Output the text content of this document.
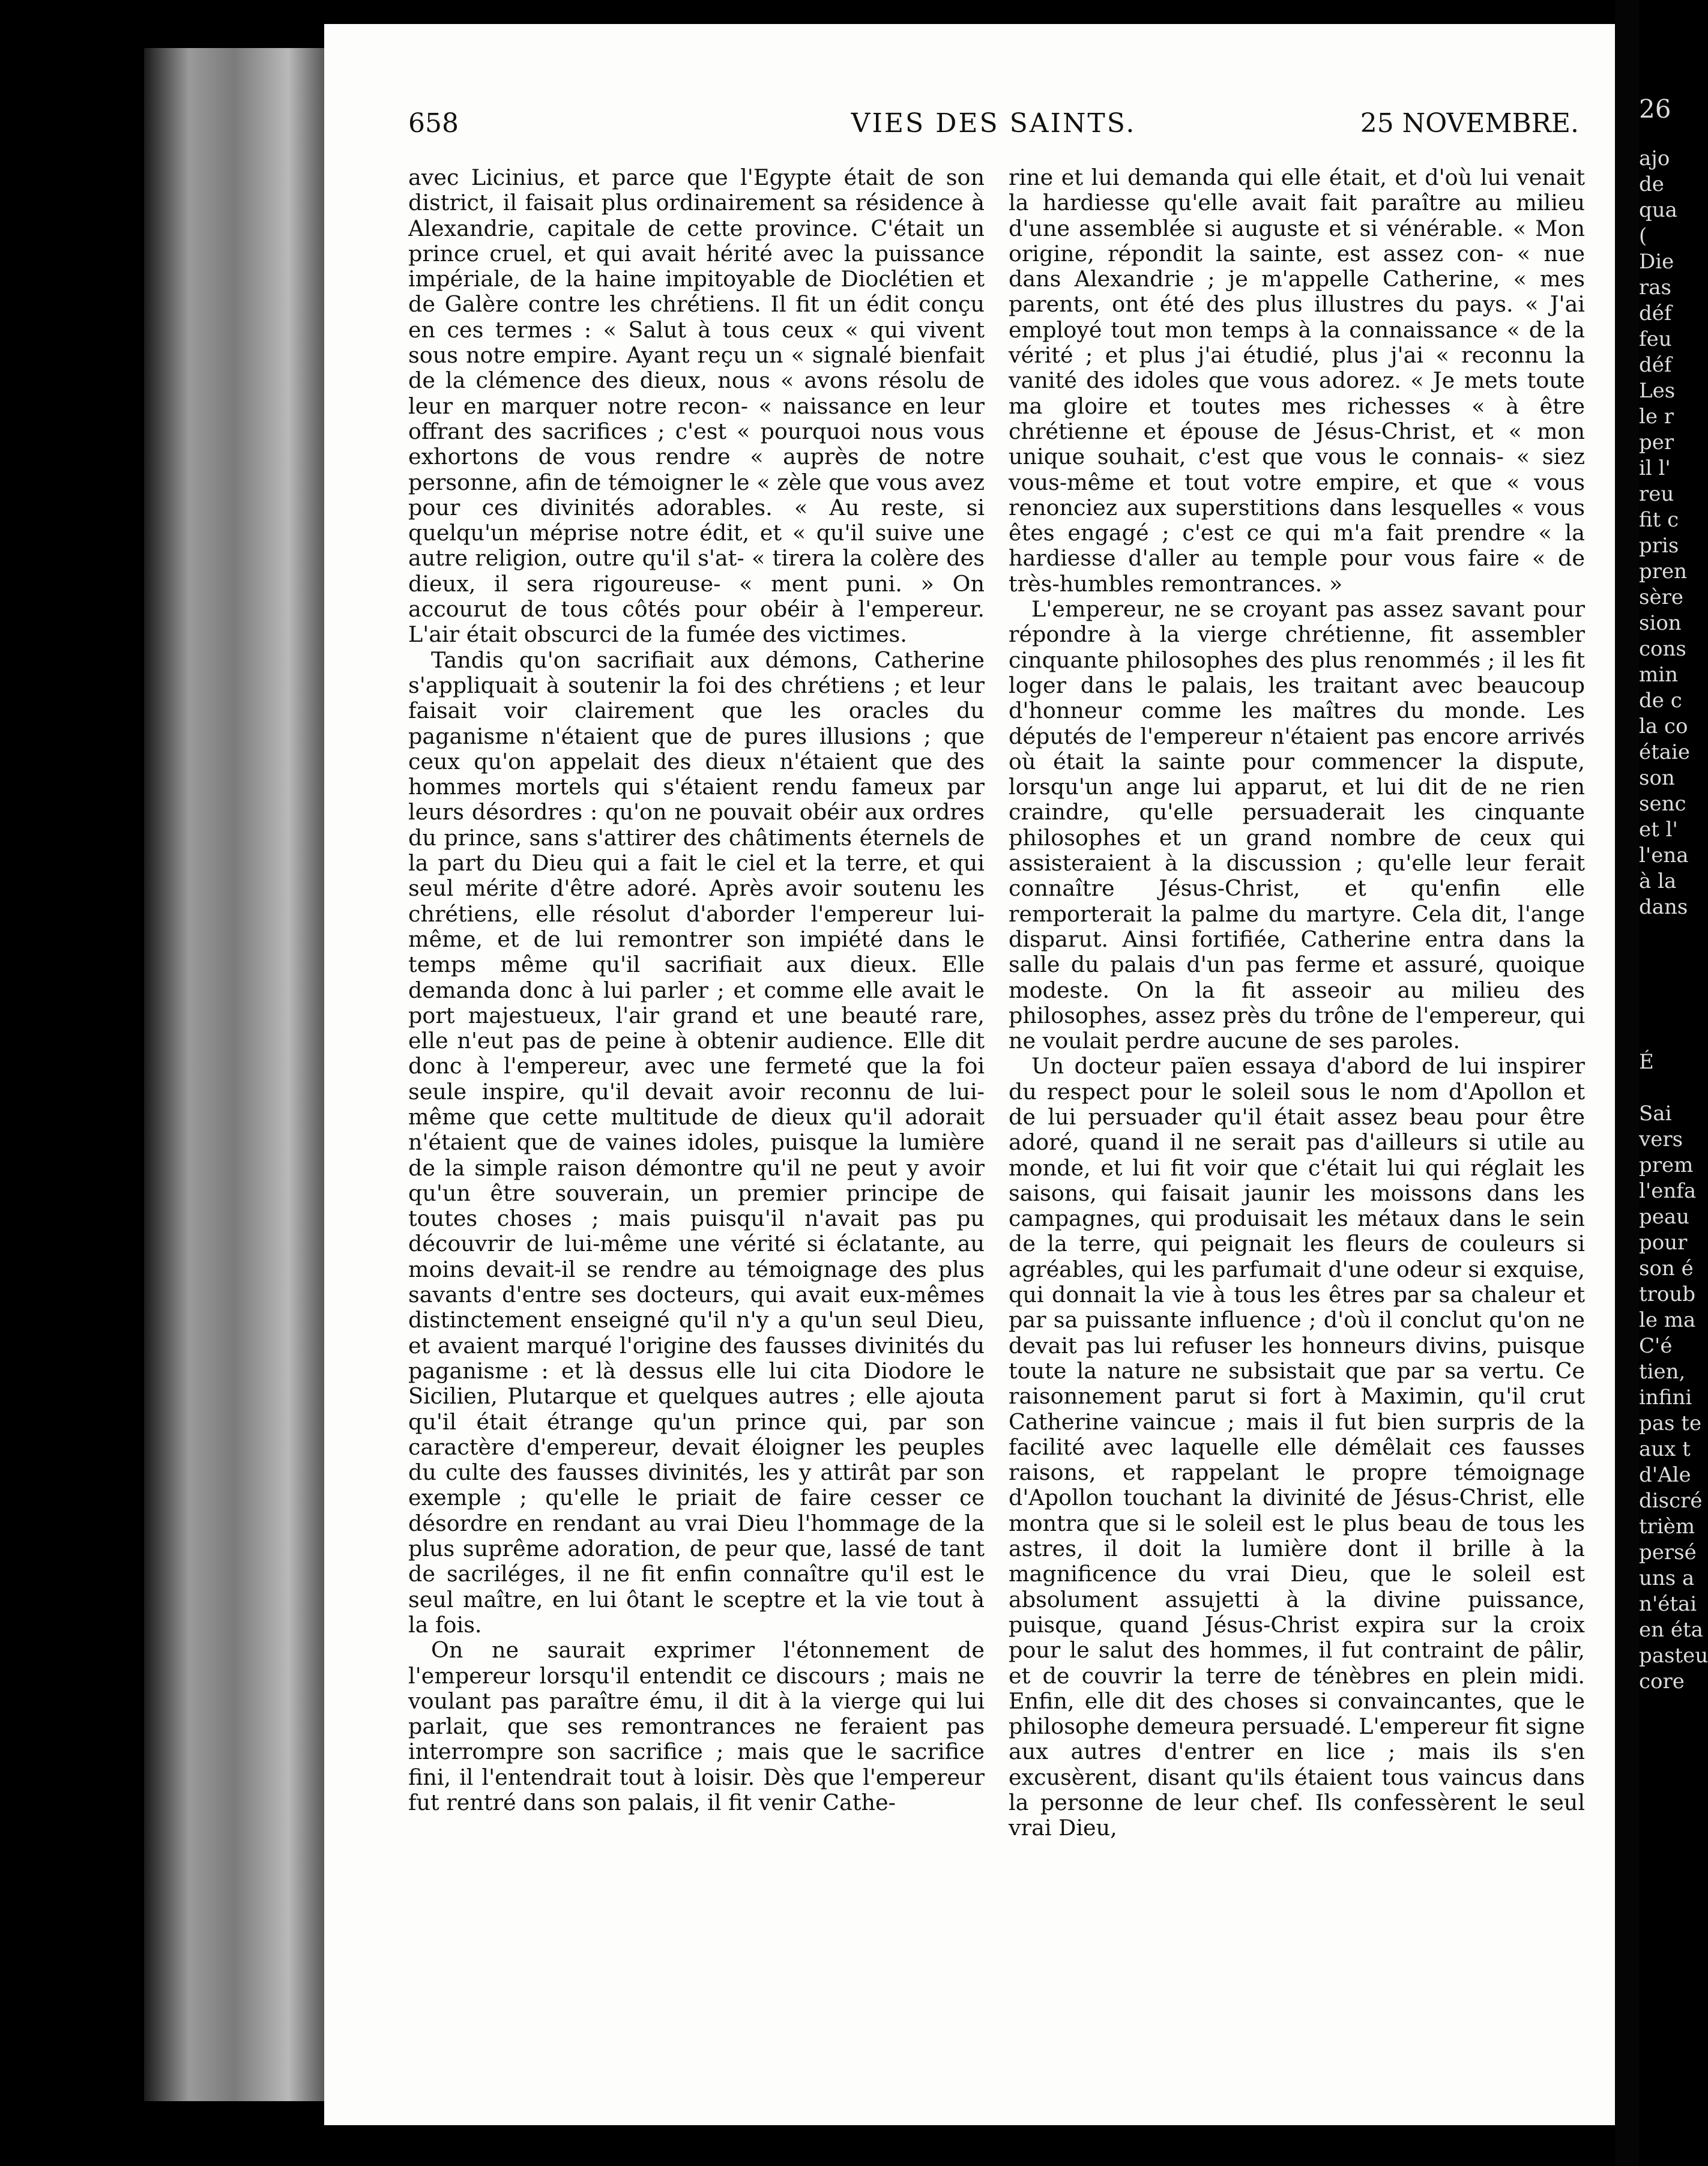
658	VIES DES SAINTS.	25 NOVEMBRE.

avec Licinius, et parce que l'Egypte était de son district, il faisait plus ordinairement sa résidence à Alexandrie, capitale de cette province. C'était un prince cruel, et qui avait hérité avec la puissance impériale, de la haine impitoyable de Dioclétien et de Galère contre les chrétiens. Il fit un édit conçu en ces termes : « Salut à tous ceux « qui vivent sous notre empire. Ayant reçu un « signalé bienfait de la clémence des dieux, nous « avons résolu de leur en marquer notre recon- « naissance en leur offrant des sacrifices ; c'est « pourquoi nous vous exhortons de vous rendre « auprès de notre personne, afin de témoigner le « zèle que vous avez pour ces divinités adorables. « Au reste, si quelqu'un méprise notre édit, et « qu'il suive une autre religion, outre qu'il s'at- « tirera la colère des dieux, il sera rigoureuse- « ment puni. » On accourut de tous côtés pour obéir à l'empereur. L'air était obscurci de la fumée des victimes.

Tandis qu'on sacrifiait aux démons, Catherine s'appliquait à soutenir la foi des chrétiens ; et leur faisait voir clairement que les oracles du paganisme n'étaient que de pures illusions ; que ceux qu'on appelait des dieux n'étaient que des hommes mortels qui s'étaient rendu fameux par leurs désordres : qu'on ne pouvait obéir aux ordres du prince, sans s'attirer des châtiments éternels de la part du Dieu qui a fait le ciel et la terre, et qui seul mérite d'être adoré. Après avoir soutenu les chrétiens, elle résolut d'aborder l'empereur lui-même, et de lui remontrer son impiété dans le temps même qu'il sacrifiait aux dieux. Elle demanda donc à lui parler ; et comme elle avait le port majestueux, l'air grand et une beauté rare, elle n'eut pas de peine à obtenir audience. Elle dit donc à l'empereur, avec une fermeté que la foi seule inspire, qu'il devait avoir reconnu de lui-même que cette multitude de dieux qu'il adorait n'étaient que de vaines idoles, puisque la lumière de la simple raison démontre qu'il ne peut y avoir qu'un être souverain, un premier principe de toutes choses ; mais puisqu'il n'avait pas pu découvrir de lui-même une vérité si éclatante, au moins devait-il se rendre au témoignage des plus savants d'entre ses docteurs, qui avait eux-mêmes distinctement enseigné qu'il n'y a qu'un seul Dieu, et avaient marqué l'origine des fausses divinités du paganisme : et là dessus elle lui cita Diodore le Sicilien, Plutarque et quelques autres ; elle ajouta qu'il était étrange qu'un prince qui, par son caractère d'empereur, devait éloigner les peuples du culte des fausses divinités, les y attirât par son exemple ; qu'elle le priait de faire cesser ce désordre en rendant au vrai Dieu l'hommage de la plus suprême adoration, de peur que, lassé de tant de sacriléges, il ne fit enfin connaître qu'il est le seul maître, en lui ôtant le sceptre et la vie tout à la fois.

On ne saurait exprimer l'étonnement de l'empereur lorsqu'il entendit ce discours ; mais ne voulant pas paraître ému, il dit à la vierge qui lui parlait, que ses remontrances ne feraient pas interrompre son sacrifice ; mais que le sacrifice fini, il l'entendrait tout à loisir. Dès que l'empereur fut rentré dans son palais, il fit venir Cathe-

rine et lui demanda qui elle était, et d'où lui venait la hardiesse qu'elle avait fait paraître au milieu d'une assemblée si auguste et si vénérable. « Mon origine, répondit la sainte, est assez con- « nue dans Alexandrie ; je m'appelle Catherine, « mes parents, ont été des plus illustres du pays. « J'ai employé tout mon temps à la connaissance « de la vérité ; et plus j'ai étudié, plus j'ai « reconnu la vanité des idoles que vous adorez. « Je mets toute ma gloire et toutes mes richesses « à être chrétienne et épouse de Jésus-Christ, et « mon unique souhait, c'est que vous le connais- « siez vous-même et tout votre empire, et que « vous renonciez aux superstitions dans lesquelles « vous êtes engagé ; c'est ce qui m'a fait prendre « la hardiesse d'aller au temple pour vous faire « de très-humbles remontrances. »

L'empereur, ne se croyant pas assez savant pour répondre à la vierge chrétienne, fit assembler cinquante philosophes des plus renommés ; il les fit loger dans le palais, les traitant avec beaucoup d'honneur comme les maîtres du monde. Les députés de l'empereur n'étaient pas encore arrivés où était la sainte pour commencer la dispute, lorsqu'un ange lui apparut, et lui dit de ne rien craindre, qu'elle persuaderait les cinquante philosophes et un grand nombre de ceux qui assisteraient à la discussion ; qu'elle leur ferait connaître Jésus-Christ, et qu'enfin elle remporterait la palme du martyre. Cela dit, l'ange disparut. Ainsi fortifiée, Catherine entra dans la salle du palais d'un pas ferme et assuré, quoique modeste. On la fit asseoir au milieu des philosophes, assez près du trône de l'empereur, qui ne voulait perdre aucune de ses paroles.

Un docteur païen essaya d'abord de lui inspirer du respect pour le soleil sous le nom d'Apollon et de lui persuader qu'il était assez beau pour être adoré, quand il ne serait pas d'ailleurs si utile au monde, et lui fit voir que c'était lui qui réglait les saisons, qui faisait jaunir les moissons dans les campagnes, qui produisait les métaux dans le sein de la terre, qui peignait les fleurs de couleurs si agréables, qui les parfumait d'une odeur si exquise, qui donnait la vie à tous les êtres par sa chaleur et par sa puissante influence ; d'où il conclut qu'on ne devait pas lui refuser les honneurs divins, puisque toute la nature ne subsistait que par sa vertu. Ce raisonnement parut si fort à Maximin, qu'il crut Catherine vaincue ; mais il fut bien surpris de la facilité avec laquelle elle démêlait ces fausses raisons, et rappelant le propre témoignage d'Apollon touchant la divinité de Jésus-Christ, elle montra que si le soleil est le plus beau de tous les astres, il doit la lumière dont il brille à la magnificence du vrai Dieu, que le soleil est absolument assujetti à la divine puissance, puisque, quand Jésus-Christ expira sur la croix pour le salut des hommes, il fut contraint de pâlir, et de couvrir la terre de ténèbres en plein midi. Enfin, elle dit des choses si convaincantes, que le philosophe demeura persuadé. L'empereur fit signe aux autres d'entrer en lice ; mais ils s'en excusèrent, disant qu'ils étaient tous vaincus dans la personne de leur chef. Ils confessèrent le seul vrai Dieu,

26
ajo
de
qua
(
Die
ras
déf
feu
déf
Les
le r
per
il l'
reu
fit c
pris
pren
sère
sion
cons
min
de c
la co
étaie
son
senc
et l'
l'ena
à la
dans

É

Sai
vers
prem
l'enfa
peau
pour
son é
troub
le ma
C'é
tien,
infini
pas te
aux t
d'Ale
discré
trièm
persé
uns a
n'étai
en éta
pasteu
core
